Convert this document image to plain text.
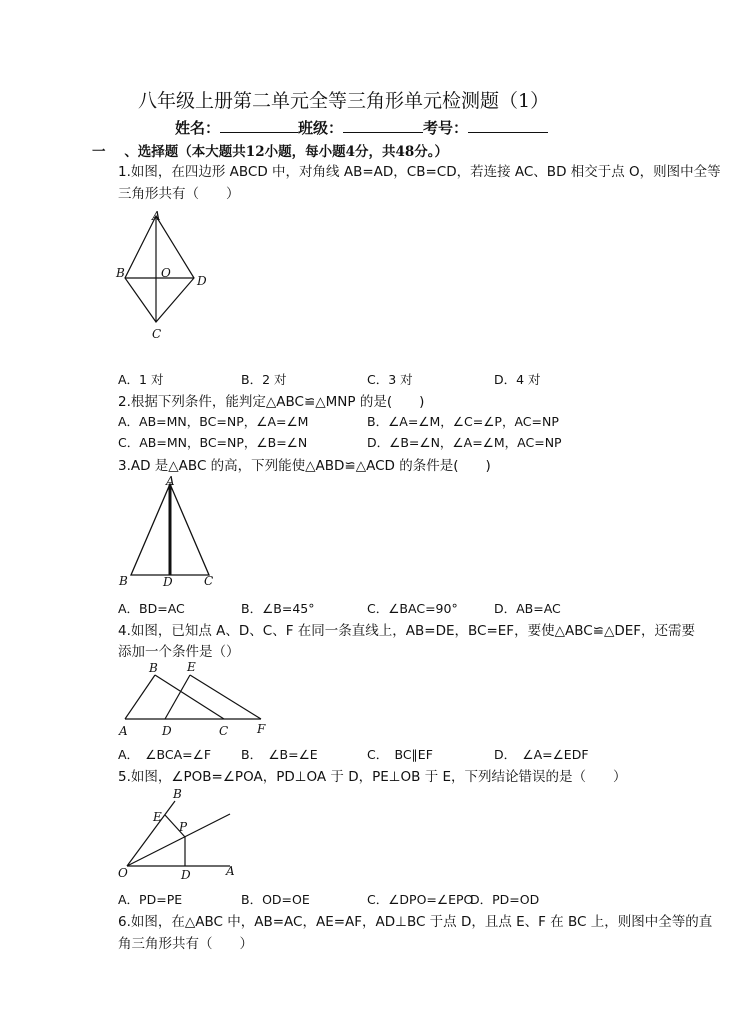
八年级上册第二单元全等三角形单元检测题（1）
姓名：	班级：	考号：
一 、选择题（本大题共12小题，每小题4分，共48分。）
1.如图，在四边形 ABCD 中，对角线 AB=AD，CB=CD，若连接 AC、BD 相交于点 O，则图中全等
三角形共有（　　）
A
B	O
D
C
A．1 对	B．2 对	C．3 对	D．4 对
2.根据下列条件，能判定△ABC≌△MNP 的是(　　)
A．AB=MN，BC=NP，∠A=∠M	B．∠A=∠M，∠C=∠P，AC=NP
C．AB=MN，BC=NP，∠B=∠N	D．∠B=∠N，∠A=∠M，AC=NP
3.AD 是△ABC 的高，下列能使△ABD≌△ACD 的条件是(　　)
A
B	D	C
A．BD=AC	B．∠B=45°	C．∠BAC=90°	D．AB=AC
4.如图，已知点 A、D、C、F 在同一条直线上，AB=DE，BC=EF，要使△ABC≌△DEF，还需要
添加一个条件是（）
B E
A	D	C F
A．　∠BCA=∠F B．　∠B=∠E	C．　BC∥EF	D．　∠A=∠EDF
5.如图，∠POB=∠POA，PD⊥OA 于 D，PE⊥OB 于 E，下列结论错误的是（　　）
B
E
P
O	D	A
A．PD=PE	B．OD=OE	C．∠DPO=∠EPO
D．PD=OD
6.如图，在△ABC 中，AB=AC，AE=AF，AD⊥BC 于点 D，且点 E、F 在 BC 上，则图中全等的直
角三角形共有（　　）
